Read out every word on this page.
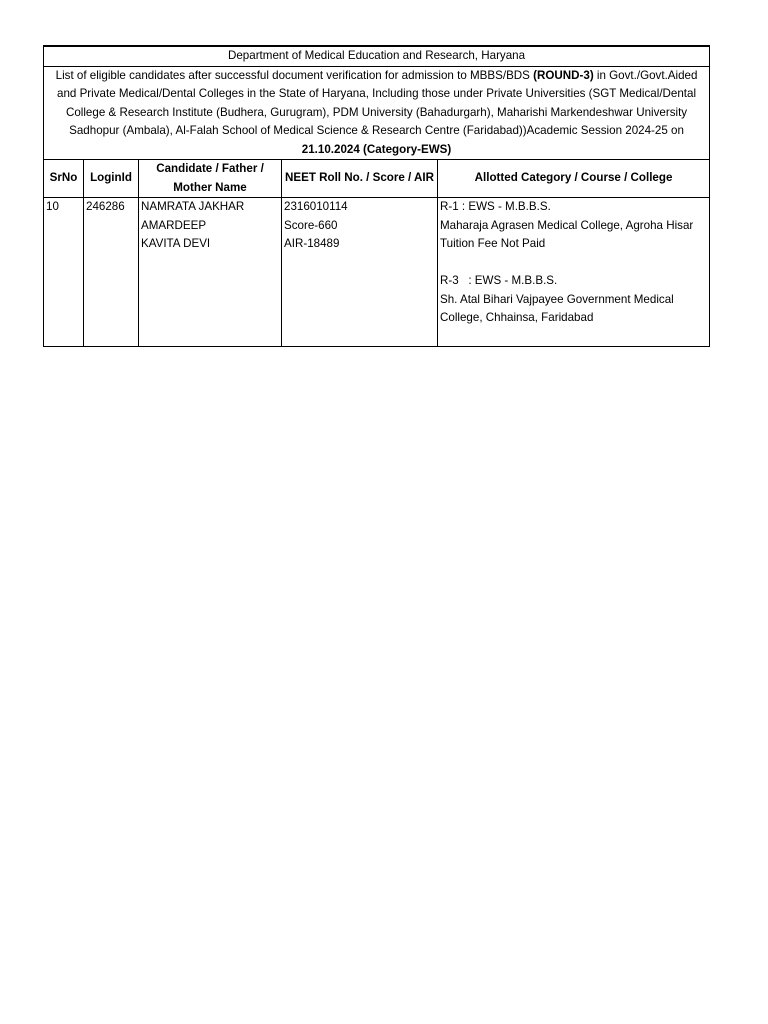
Department of Medical Education and Research, Haryana				
List of eligible candidates after successful document verification for admission to MBBS/BDS (ROUND-3) in Govt./Govt.Aided and Private Medical/Dental Colleges in the State of Haryana, Including those under Private Universities (SGT Medical/Dental College & Research Institute (Budhera, Gurugram), PDM University (Bahadurgarh), Maharishi Markendeshwar University Sadhopur (Ambala), Al-Falah School of Medical Science & Research Centre (Faridabad))Academic Session 2024-25 on 21.10.2024 (Category-EWS)				
SrNo	LoginId	Candidate / Father / Mother Name	NEET Roll No. / Score / AIR	Allotted Category / Course / College

10	246286	NAMRATA JAKHAR
AMARDEEP
KAVITA DEVI	2316010114
Score-660
AIR-18489	R-1 : EWS - M.B.B.S.
Maharaja Agrasen Medical College, Agroha Hisar
Tuition Fee Not Paid
R-3   : EWS - M.B.B.S.
Sh. Atal Bihari Vajpayee Government Medical College, Chhainsa, Faridabad
